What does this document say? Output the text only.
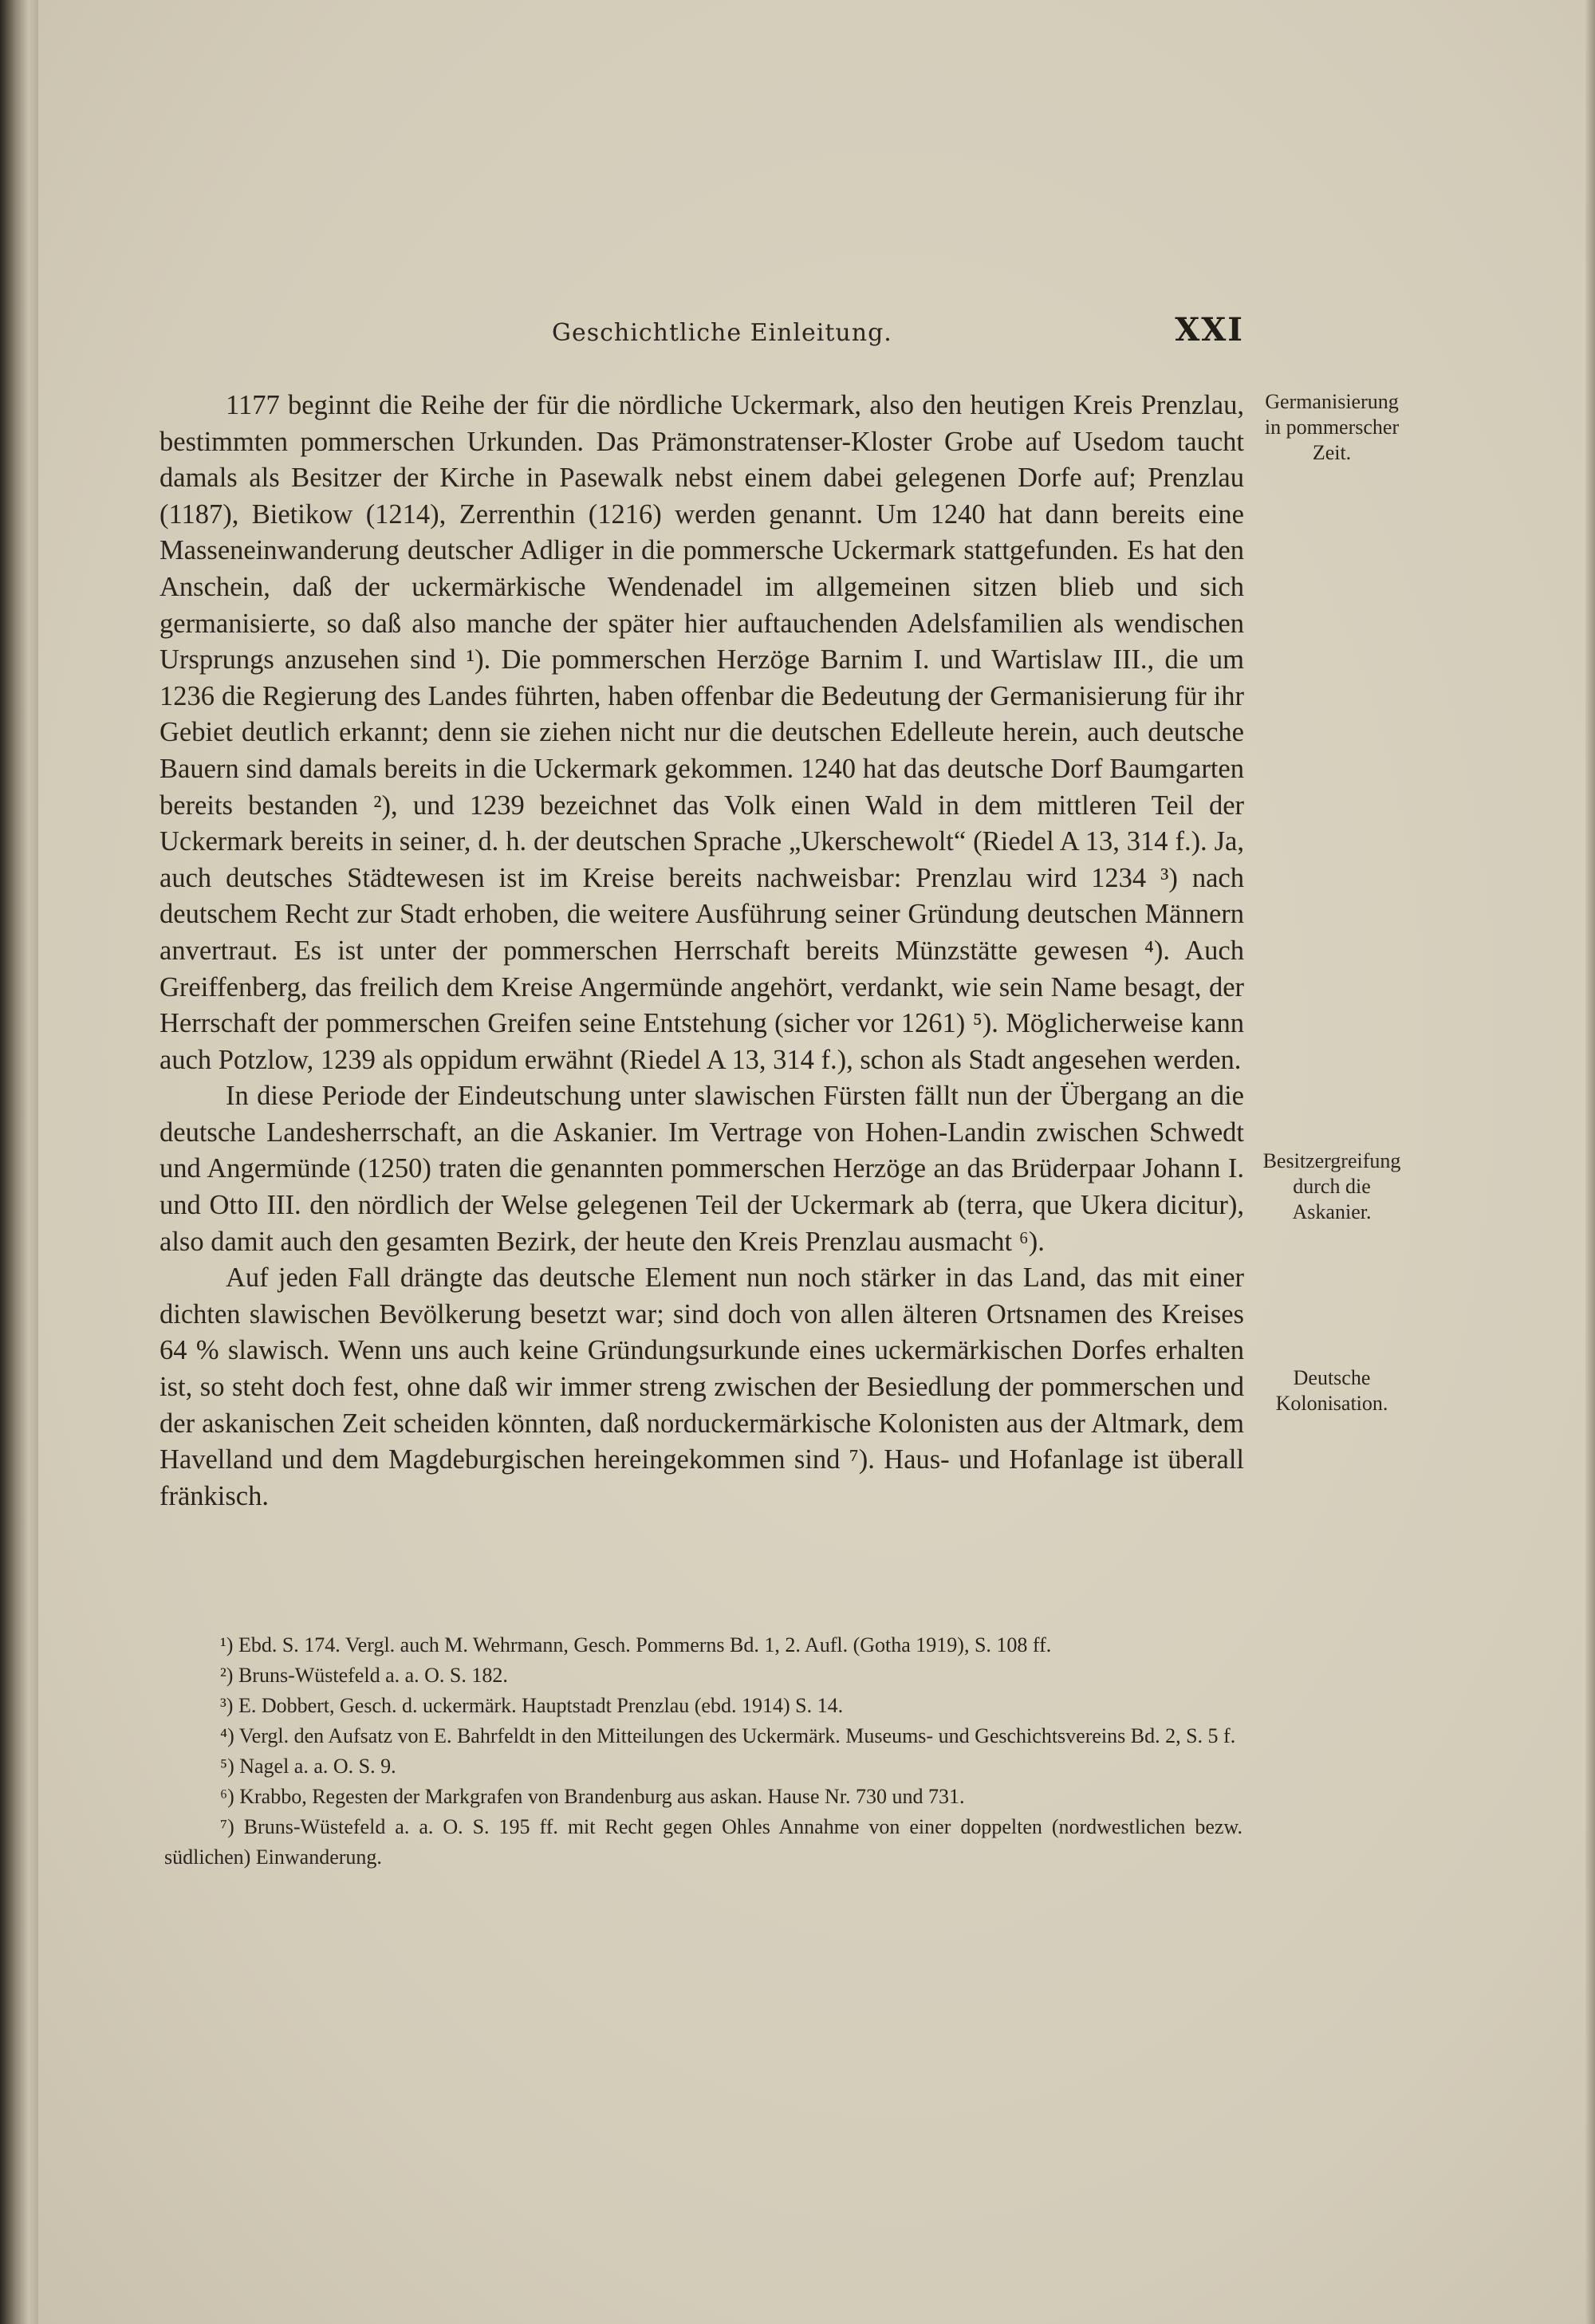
Geschichtliche Einleitung.	XXI

1177 beginnt die Reihe der für die nördliche Uckermark, also den heutigen Kreis Prenzlau, bestimmten pommerschen Urkunden. Das Prämonstratenser-Kloster Grobe auf Usedom taucht damals als Besitzer der Kirche in Pasewalk nebst einem dabei gelegenen Dorfe auf; Prenzlau (1187), Bietikow (1214), Zerrenthin (1216) werden genannt. Um 1240 hat dann bereits eine Masseneinwanderung deutscher Adliger in die pommersche Uckermark stattgefunden. Es hat den Anschein, daß der uckermärkische Wendenadel im allgemeinen sitzen blieb und sich germanisierte, so daß also manche der später hier auftauchenden Adelsfamilien als wendischen Ursprungs anzusehen sind ¹). Die pommerschen Herzöge Barnim I. und Wartislaw III., die um 1236 die Regierung des Landes führten, haben offenbar die Bedeutung der Germanisierung für ihr Gebiet deutlich erkannt; denn sie ziehen nicht nur die deutschen Edelleute herein, auch deutsche Bauern sind damals bereits in die Uckermark gekommen. 1240 hat das deutsche Dorf Baumgarten bereits bestanden ²), und 1239 bezeichnet das Volk einen Wald in dem mittleren Teil der Uckermark bereits in seiner, d. h. der deutschen Sprache „Ukerschewolt“ (Riedel A 13, 314 f.). Ja, auch deutsches Städtewesen ist im Kreise bereits nachweisbar: Prenzlau wird 1234 ³) nach deutschem Recht zur Stadt erhoben, die weitere Ausführung seiner Gründung deutschen Männern anvertraut. Es ist unter der pommerschen Herrschaft bereits Münzstätte gewesen ⁴). Auch Greiffenberg, das freilich dem Kreise Angermünde angehört, verdankt, wie sein Name besagt, der Herrschaft der pommerschen Greifen seine Entstehung (sicher vor 1261) ⁵). Möglicherweise kann auch Potzlow, 1239 als oppidum erwähnt (Riedel A 13, 314 f.), schon als Stadt angesehen werden.

In diese Periode der Eindeutschung unter slawischen Fürsten fällt nun der Übergang an die deutsche Landesherrschaft, an die Askanier. Im Vertrage von Hohen-Landin zwischen Schwedt und Angermünde (1250) traten die genannten pommerschen Herzöge an das Brüderpaar Johann I. und Otto III. den nördlich der Welse gelegenen Teil der Uckermark ab (terra, que Ukera dicitur), also damit auch den gesamten Bezirk, der heute den Kreis Prenzlau ausmacht ⁶).

Auf jeden Fall drängte das deutsche Element nun noch stärker in das Land, das mit einer dichten slawischen Bevölkerung besetzt war; sind doch von allen älteren Ortsnamen des Kreises 64 % slawisch. Wenn uns auch keine Gründungsurkunde eines uckermärkischen Dorfes erhalten ist, so steht doch fest, ohne daß wir immer streng zwischen der Besiedlung der pommerschen und der askanischen Zeit scheiden könnten, daß norduckermärkische Kolonisten aus der Altmark, dem Havelland und dem Magdeburgischen hereingekommen sind ⁷). Haus- und Hofanlage ist überall fränkisch.

Germanisierung in pommerscher Zeit.
Besitzergreifung durch die Askanier.
Deutsche Kolonisation.

¹) Ebd. S. 174. Vergl. auch M. Wehrmann, Gesch. Pommerns Bd. 1, 2. Aufl. (Gotha 1919), S. 108 ff.

²) Bruns-Wüstefeld a. a. O. S. 182.

³) E. Dobbert, Gesch. d. uckermärk. Hauptstadt Prenzlau (ebd. 1914) S. 14.

⁴) Vergl. den Aufsatz von E. Bahrfeldt in den Mitteilungen des Uckermärk. Museums- und Geschichtsvereins Bd. 2, S. 5 f.

⁵) Nagel a. a. O. S. 9.

⁶) Krabbo, Regesten der Markgrafen von Brandenburg aus askan. Hause Nr. 730 und 731.

⁷) Bruns-Wüstefeld a. a. O. S. 195 ff. mit Recht gegen Ohles Annahme von einer doppelten (nordwestlichen bezw. südlichen) Einwanderung.
